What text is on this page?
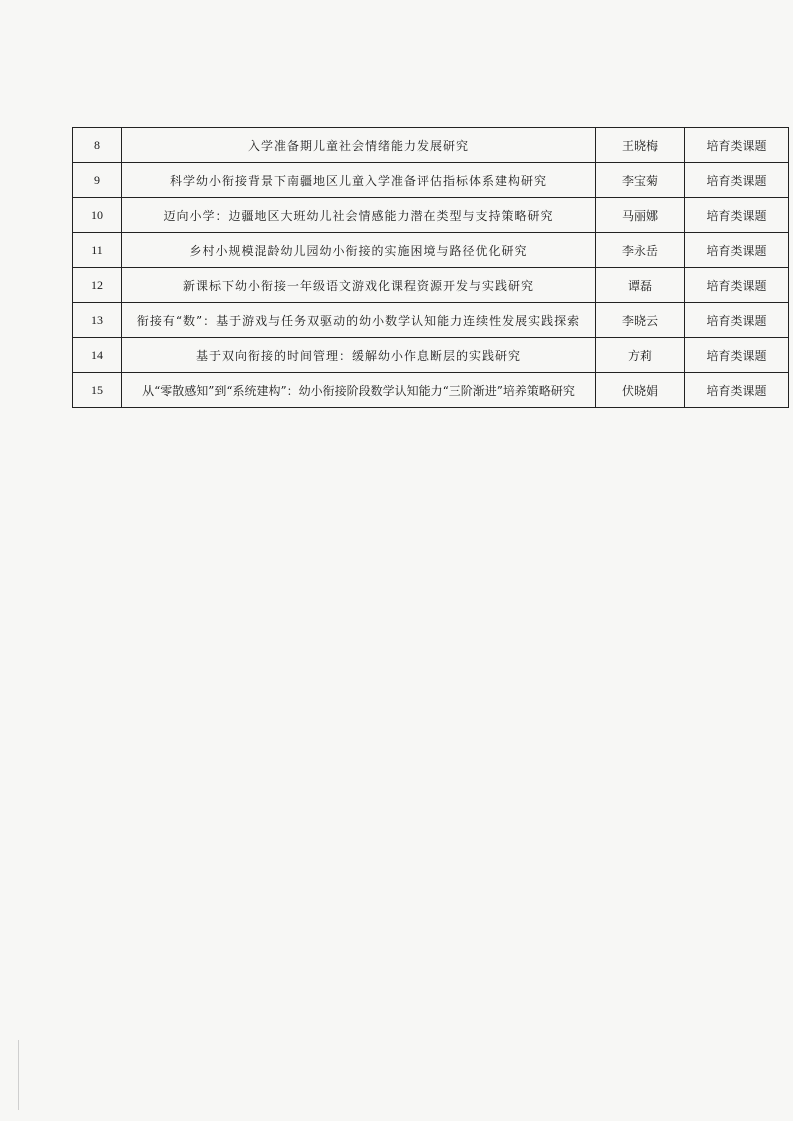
8	入学准备期儿童社会情绪能力发展研究	王晓梅	培育类课题
9	科学幼小衔接背景下南疆地区儿童入学准备评估指标体系建构研究	李宝菊	培育类课题
10	迈向小学：边疆地区大班幼儿社会情感能力潜在类型与支持策略研究	马丽娜	培育类课题
11	乡村小规模混龄幼儿园幼小衔接的实施困境与路径优化研究	李永岳	培育类课题
12	新课标下幼小衔接一年级语文游戏化课程资源开发与实践研究	谭磊	培育类课题
13	衔接有“数”：基于游戏与任务双驱动的幼小数学认知能力连续性发展实践探索	李晓云	培育类课题
14	基于双向衔接的时间管理：缓解幼小作息断层的实践研究	方莉	培育类课题
15	从“零散感知”到“系统建构”：幼小衔接阶段数学认知能力“三阶渐进”培养策略研究	伏晓娟	培育类课题
